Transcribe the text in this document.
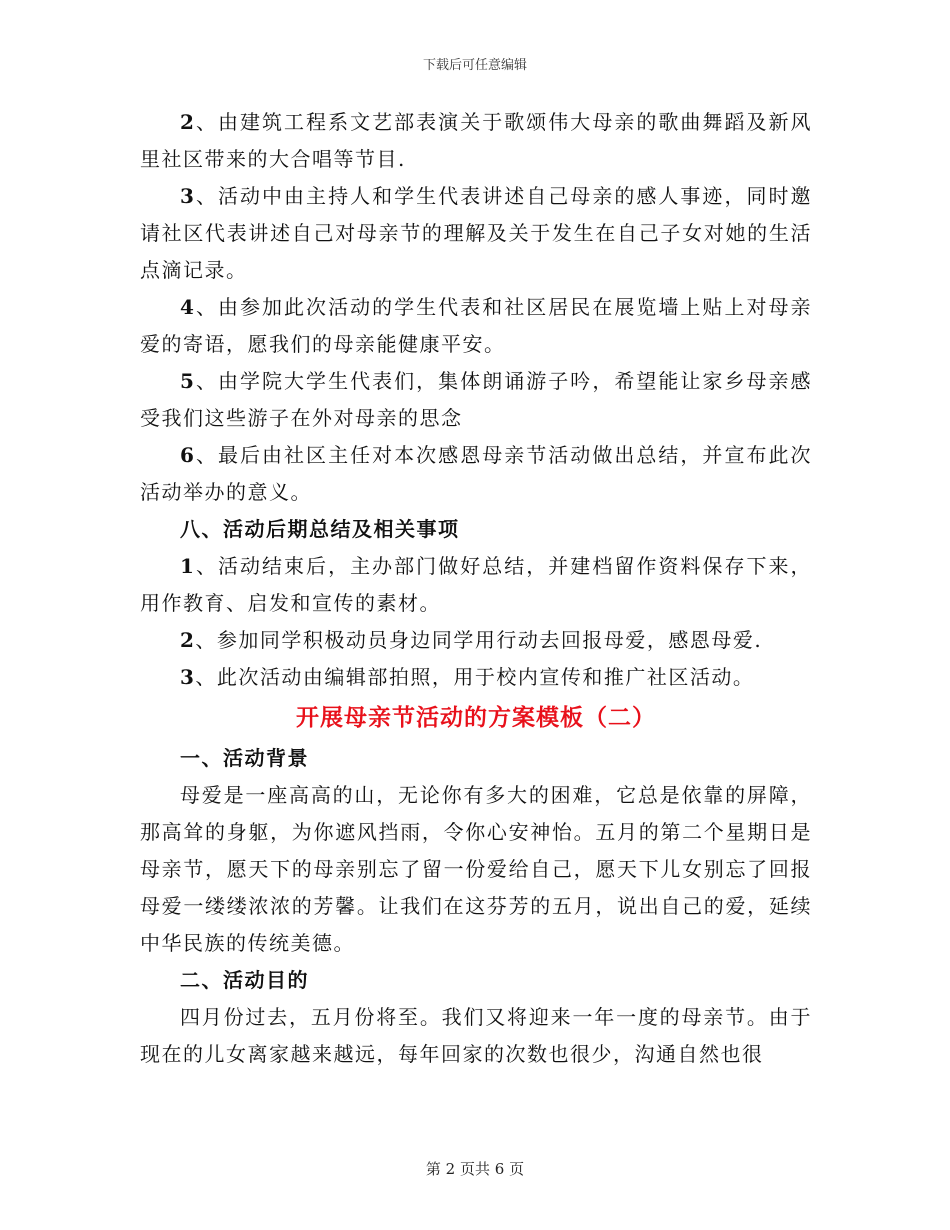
下载后可任意编辑

2、由建筑工程系文艺部表演关于歌颂伟大母亲的歌曲舞蹈及新风里社区带来的大合唱等节目.

3、活动中由主持人和学生代表讲述自己母亲的感人事迹，同时邀请社区代表讲述自己对母亲节的理解及关于发生在自己子女对她的生活点滴记录。

4、由参加此次活动的学生代表和社区居民在展览墙上贴上对母亲爱的寄语，愿我们的母亲能健康平安。

5、由学院大学生代表们，集体朗诵游子吟，希望能让家乡母亲感受我们这些游子在外对母亲的思念

6、最后由社区主任对本次感恩母亲节活动做出总结，并宣布此次活动举办的意义。

八、活动后期总结及相关事项

1、活动结束后，主办部门做好总结，并建档留作资料保存下来，用作教育、启发和宣传的素材。

2、参加同学积极动员身边同学用行动去回报母爱，感恩母爱.

3、此次活动由编辑部拍照，用于校内宣传和推广社区活动。

开展母亲节活动的方案模板（二）

一、活动背景

母爱是一座高高的山，无论你有多大的困难，它总是依靠的屏障，那高耸的身躯，为你遮风挡雨，令你心安神怡。五月的第二个星期日是母亲节，愿天下的母亲别忘了留一份爱给自己，愿天下儿女别忘了回报母爱一缕缕浓浓的芳馨。让我们在这芬芳的五月，说出自己的爱，延续中华民族的传统美德。

二、活动目的

四月份过去，五月份将至。我们又将迎来一年一度的母亲节。由于现在的儿女离家越来越远，每年回家的次数也很少，沟通自然也很

第 2 页共 6 页
